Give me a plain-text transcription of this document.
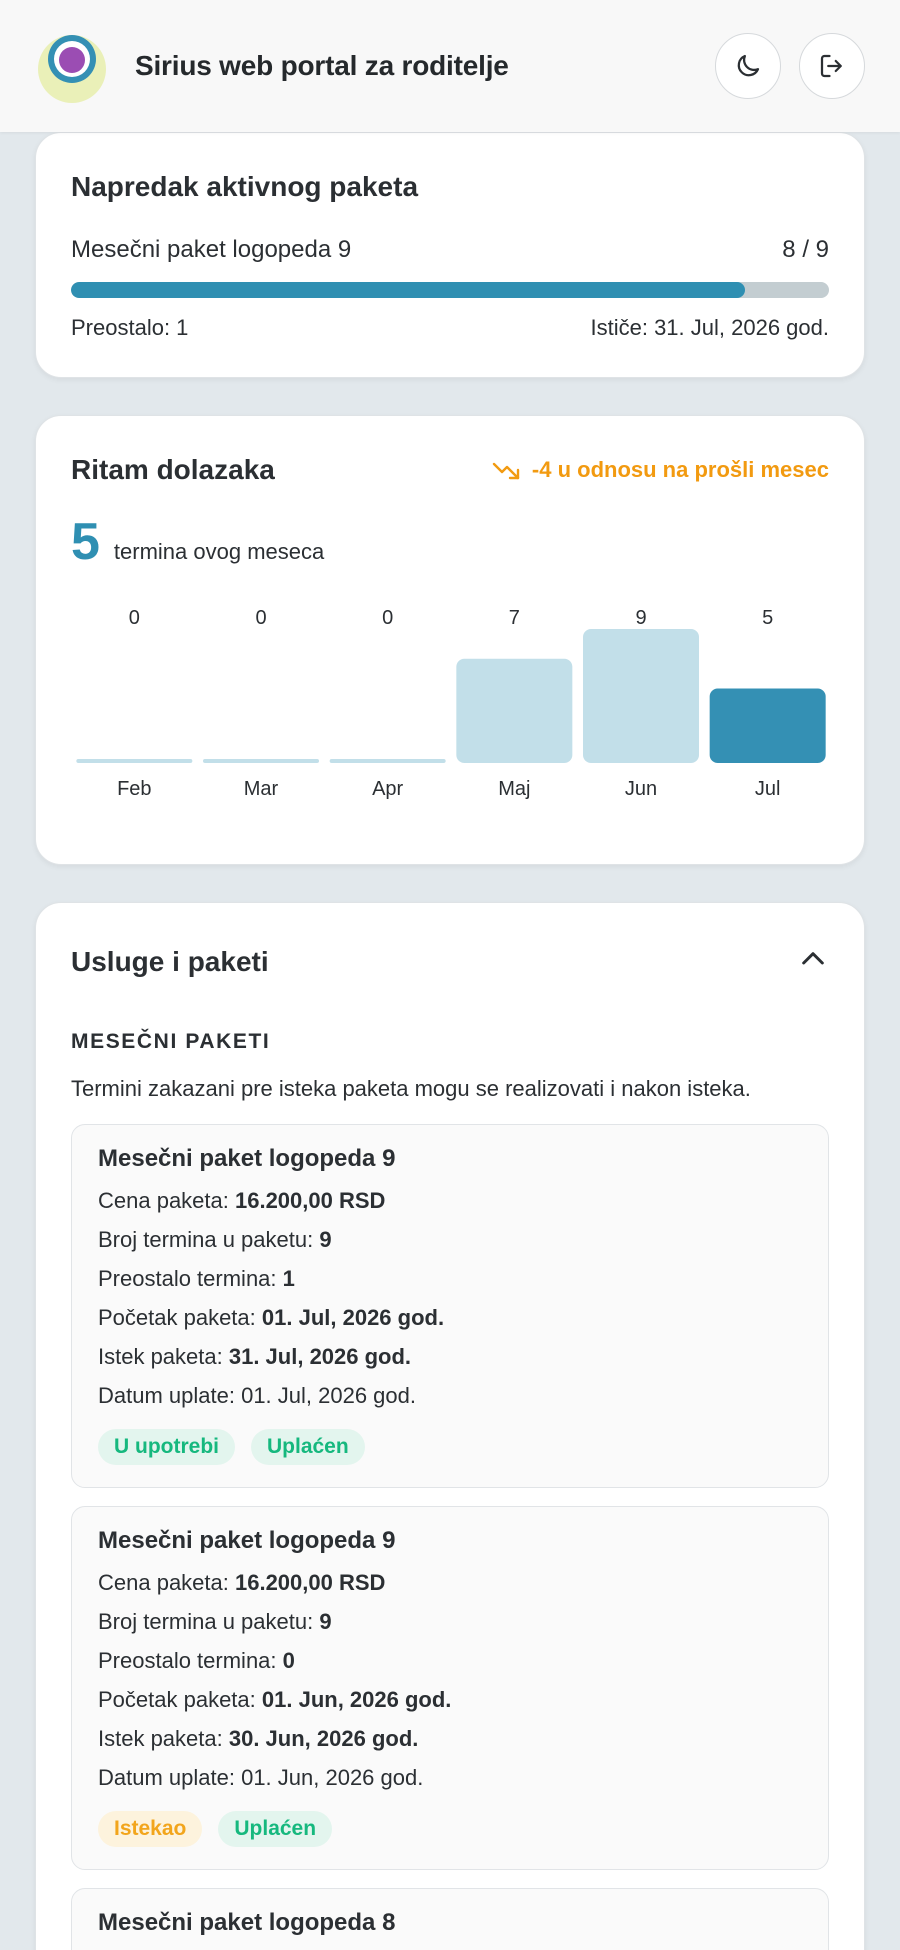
Sirius web portal za roditelje
Napredak aktivnog paketa
Mesečni paket logopeda 9	8 / 9
Preostalo: 1	Ističe: 31. Jul, 2026 god.
Ritam dolazaka	-4 u odnosu na prošli mesec
5 termina ovog meseca
0
Feb
0
Mar
0
Apr
7
Maj
9
Jun
5
Jul
Usluge i paketi
MESEČNI PAKETI
Termini zakazani pre isteka paketa mogu se realizovati i nakon isteka.
Mesečni paket logopeda 9
Cena paketa: 16.200,00 RSD
Broj termina u paketu: 9
Preostalo termina: 1
Početak paketa: 01. Jul, 2026 god.
Istek paketa: 31. Jul, 2026 god.
Datum uplate: 01. Jul, 2026 god.
U upotrebi	Uplaćen
Mesečni paket logopeda 9
Cena paketa: 16.200,00 RSD
Broj termina u paketu: 9
Preostalo termina: 0
Početak paketa: 01. Jun, 2026 god.
Istek paketa: 30. Jun, 2026 god.
Datum uplate: 01. Jun, 2026 god.
Istekao	Uplaćen
Mesečni paket logopeda 8
